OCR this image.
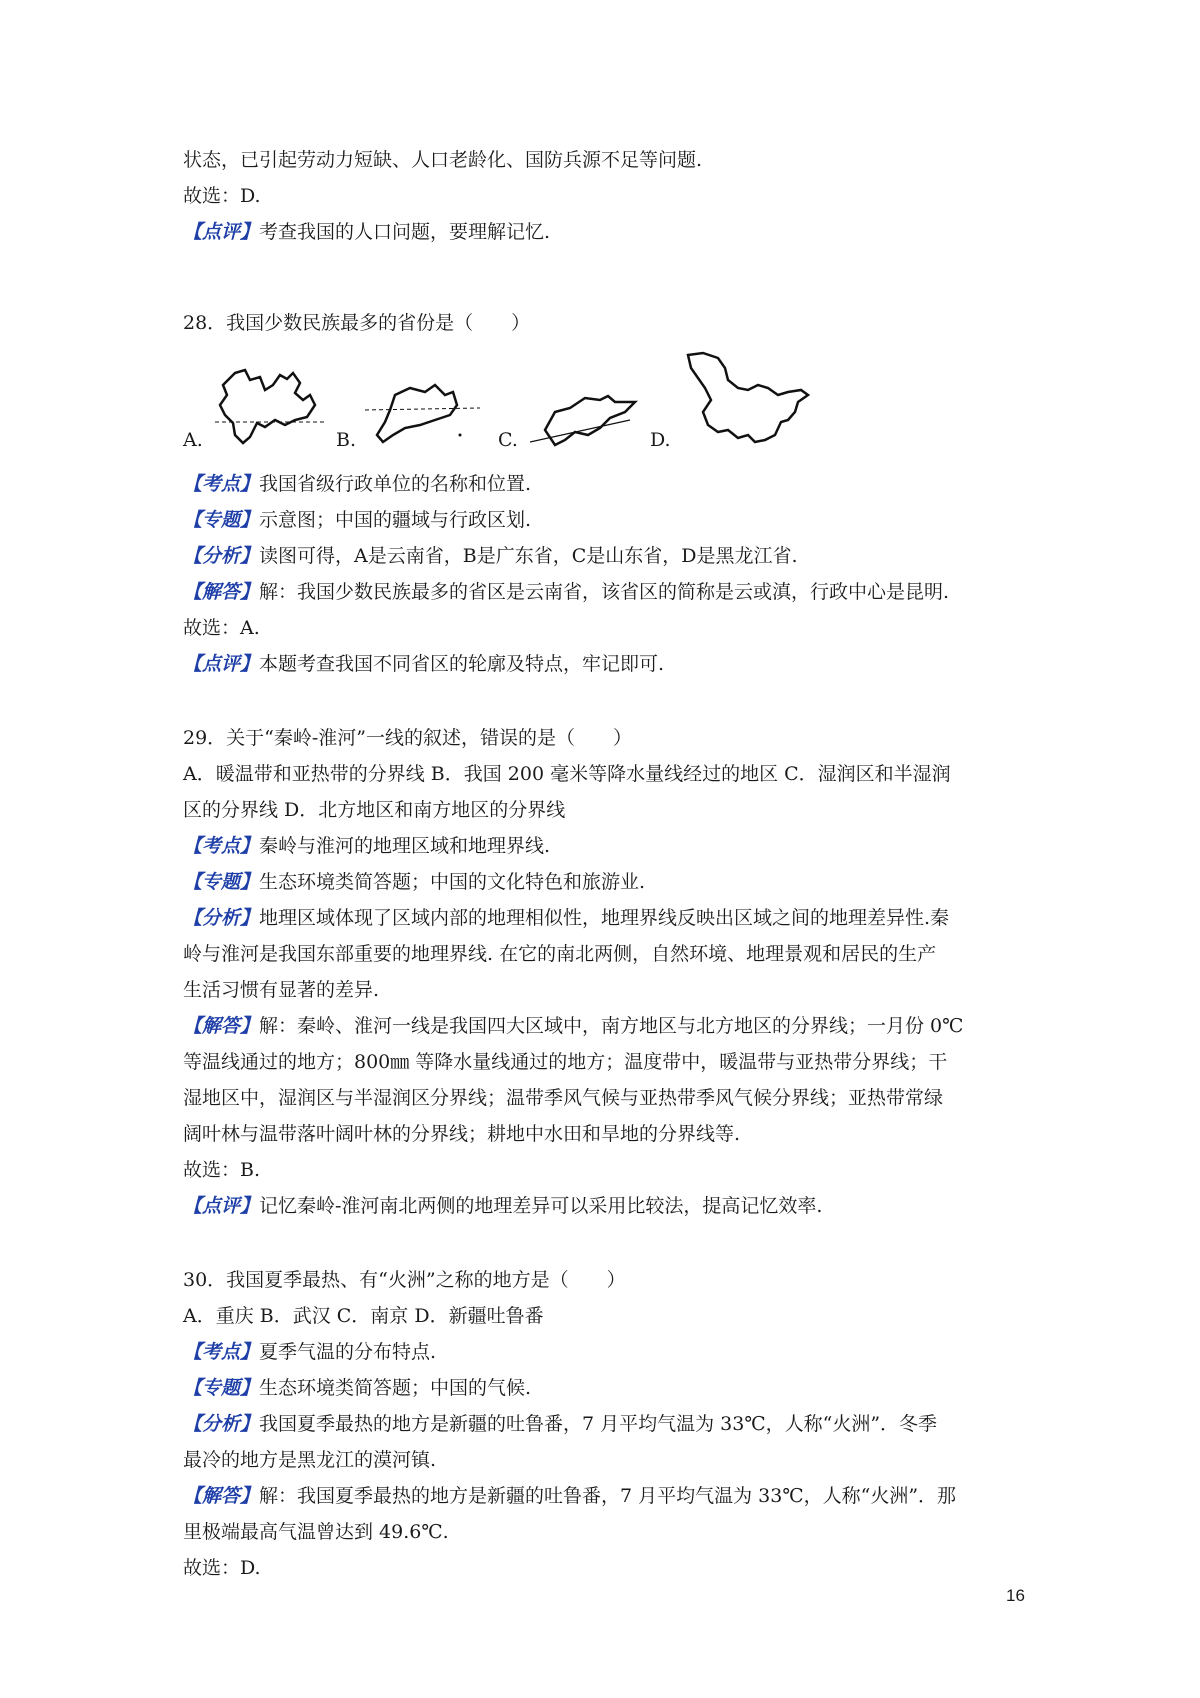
状态，已引起劳动力短缺、人口老龄化、国防兵源不足等问题.
故选：D.
【点评】考查我国的人口问题，要理解记忆.
28．我国少数民族最多的省份是（　　）
A.	B.	C.	D.
【考点】我国省级行政单位的名称和位置.
【专题】示意图；中国的疆域与行政区划.
【分析】读图可得，A是云南省，B是广东省，C是山东省，D是黑龙江省.
【解答】解：我国少数民族最多的省区是云南省，该省区的简称是云或滇，行政中心是昆明.
故选：A.
【点评】本题考查我国不同省区的轮廓及特点，牢记即可.
29．关于“秦岭-淮河”一线的叙述，错误的是（　　）
A．暖温带和亚热带的分界线 B．我国 200 毫米等降水量线经过的地区 C．湿润区和半湿润
区的分界线 D．北方地区和南方地区的分界线
【考点】秦岭与淮河的地理区域和地理界线.
【专题】生态环境类简答题；中国的文化特色和旅游业.
【分析】地理区域体现了区域内部的地理相似性，地理界线反映出区域之间的地理差异性.秦
岭与淮河是我国东部重要的地理界线. 在它的南北两侧，自然环境、地理景观和居民的生产
生活习惯有显著的差异.
【解答】解：秦岭、淮河一线是我国四大区域中，南方地区与北方地区的分界线；一月份 0℃
等温线通过的地方；800㎜ 等降水量线通过的地方；温度带中，暖温带与亚热带分界线；干
湿地区中，湿润区与半湿润区分界线；温带季风气候与亚热带季风气候分界线；亚热带常绿
阔叶林与温带落叶阔叶林的分界线；耕地中水田和旱地的分界线等.
故选：B.
【点评】记忆秦岭-淮河南北两侧的地理差异可以采用比较法，提高记忆效率.
30．我国夏季最热、有“火洲”之称的地方是（　　）
A．重庆 B．武汉 C．南京 D．新疆吐鲁番
【考点】夏季气温的分布特点.
【专题】生态环境类简答题；中国的气候.
【分析】我国夏季最热的地方是新疆的吐鲁番，7 月平均气温为 33℃，人称“火洲”．冬季
最冷的地方是黑龙江的漠河镇.
【解答】解：我国夏季最热的地方是新疆的吐鲁番，7 月平均气温为 33℃，人称“火洲”．那
里极端最高气温曾达到 49.6℃.
故选：D.
16
